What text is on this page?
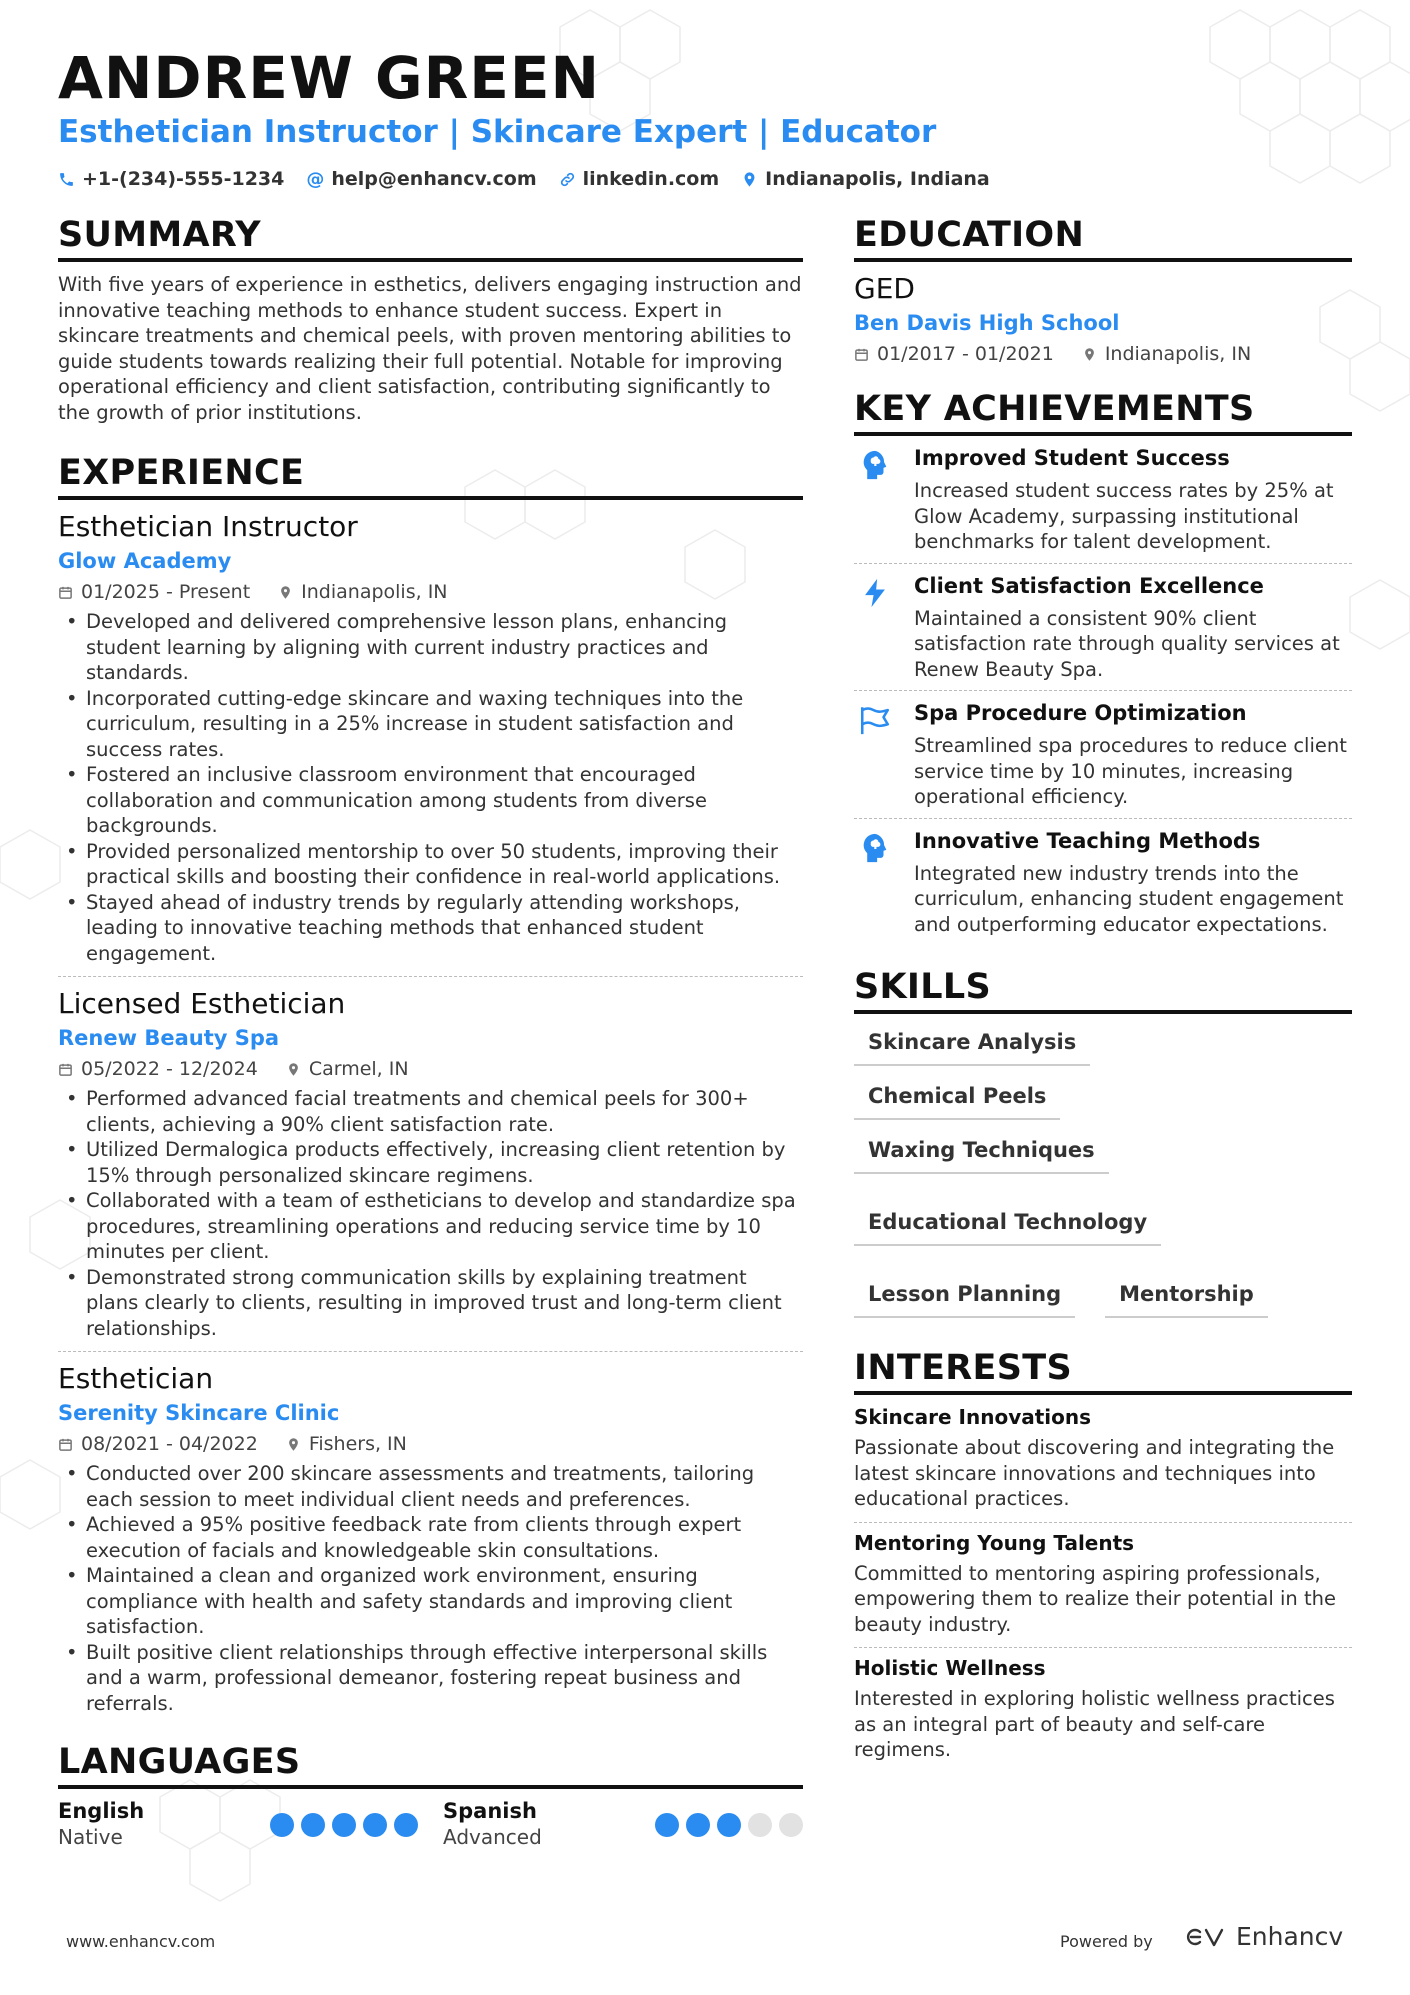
ANDREW GREEN
Esthetician Instructor | Skincare Expert | Educator
+1-(234)-555-1234 @ help@enhancv.com linkedin.com Indianapolis, Indiana
SUMMARY
With five years of experience in esthetics, delivers engaging instruction and innovative teaching methods to enhance student success. Expert in skincare treatments and chemical peels, with proven mentoring abilities to guide students towards realizing their full potential. Notable for improving operational efficiency and client satisfaction, contributing significantly to the growth of prior institutions.
EXPERIENCE
Esthetician Instructor
Glow Academy
01/2025 - Present	Indianapolis, IN
• Developed and delivered comprehensive lesson plans, enhancing student learning by aligning with current industry practices and standards.
• Incorporated cutting-edge skincare and waxing techniques into the curriculum, resulting in a 25% increase in student satisfaction and success rates.
• Fostered an inclusive classroom environment that encouraged collaboration and communication among students from diverse backgrounds.
• Provided personalized mentorship to over 50 students, improving their practical skills and boosting their confidence in real-world applications.
• Stayed ahead of industry trends by regularly attending workshops, leading to innovative teaching methods that enhanced student engagement.
Licensed Esthetician
Renew Beauty Spa
05/2022 - 12/2024	Carmel, IN
• Performed advanced facial treatments and chemical peels for 300+ clients, achieving a 90% client satisfaction rate.
• Utilized Dermalogica products effectively, increasing client retention by 15% through personalized skincare regimens.
• Collaborated with a team of estheticians to develop and standardize spa procedures, streamlining operations and reducing service time by 10 minutes per client.
• Demonstrated strong communication skills by explaining treatment plans clearly to clients, resulting in improved trust and long-term client relationships.
Esthetician
Serenity Skincare Clinic
08/2021 - 04/2022	Fishers, IN
• Conducted over 200 skincare assessments and treatments, tailoring each session to meet individual client needs and preferences.
• Achieved a 95% positive feedback rate from clients through expert execution of facials and knowledgeable skin consultations.
• Maintained a clean and organized work environment, ensuring compliance with health and safety standards and improving client satisfaction.
• Built positive client relationships through effective interpersonal skills and a warm, professional demeanor, fostering repeat business and referrals.
LANGUAGES
English
Native
Spanish
Advanced
EDUCATION
GED
Ben Davis High School
01/2017 - 01/2021	Indianapolis, IN
KEY ACHIEVEMENTS
Improved Student Success
Increased student success rates by 25% at Glow Academy, surpassing institutional benchmarks for talent development.
Client Satisfaction Excellence
Maintained a consistent 90% client satisfaction rate through quality services at Renew Beauty Spa.
Spa Procedure Optimization
Streamlined spa procedures to reduce client service time by 10 minutes, increasing operational efficiency.
Innovative Teaching Methods
Integrated new industry trends into the curriculum, enhancing student engagement and outperforming educator expectations.
SKILLS
Skincare Analysis
Chemical Peels
Waxing Techniques
Educational Technology
Lesson Planning	Mentorship
INTERESTS
Skincare Innovations
Passionate about discovering and integrating the latest skincare innovations and techniques into educational practices.
Mentoring Young Talents
Committed to mentoring aspiring professionals, empowering them to realize their potential in the beauty industry.
Holistic Wellness
Interested in exploring holistic wellness practices as an integral part of beauty and self-care regimens.
www.enhancv.com	Powered by	Enhancv
